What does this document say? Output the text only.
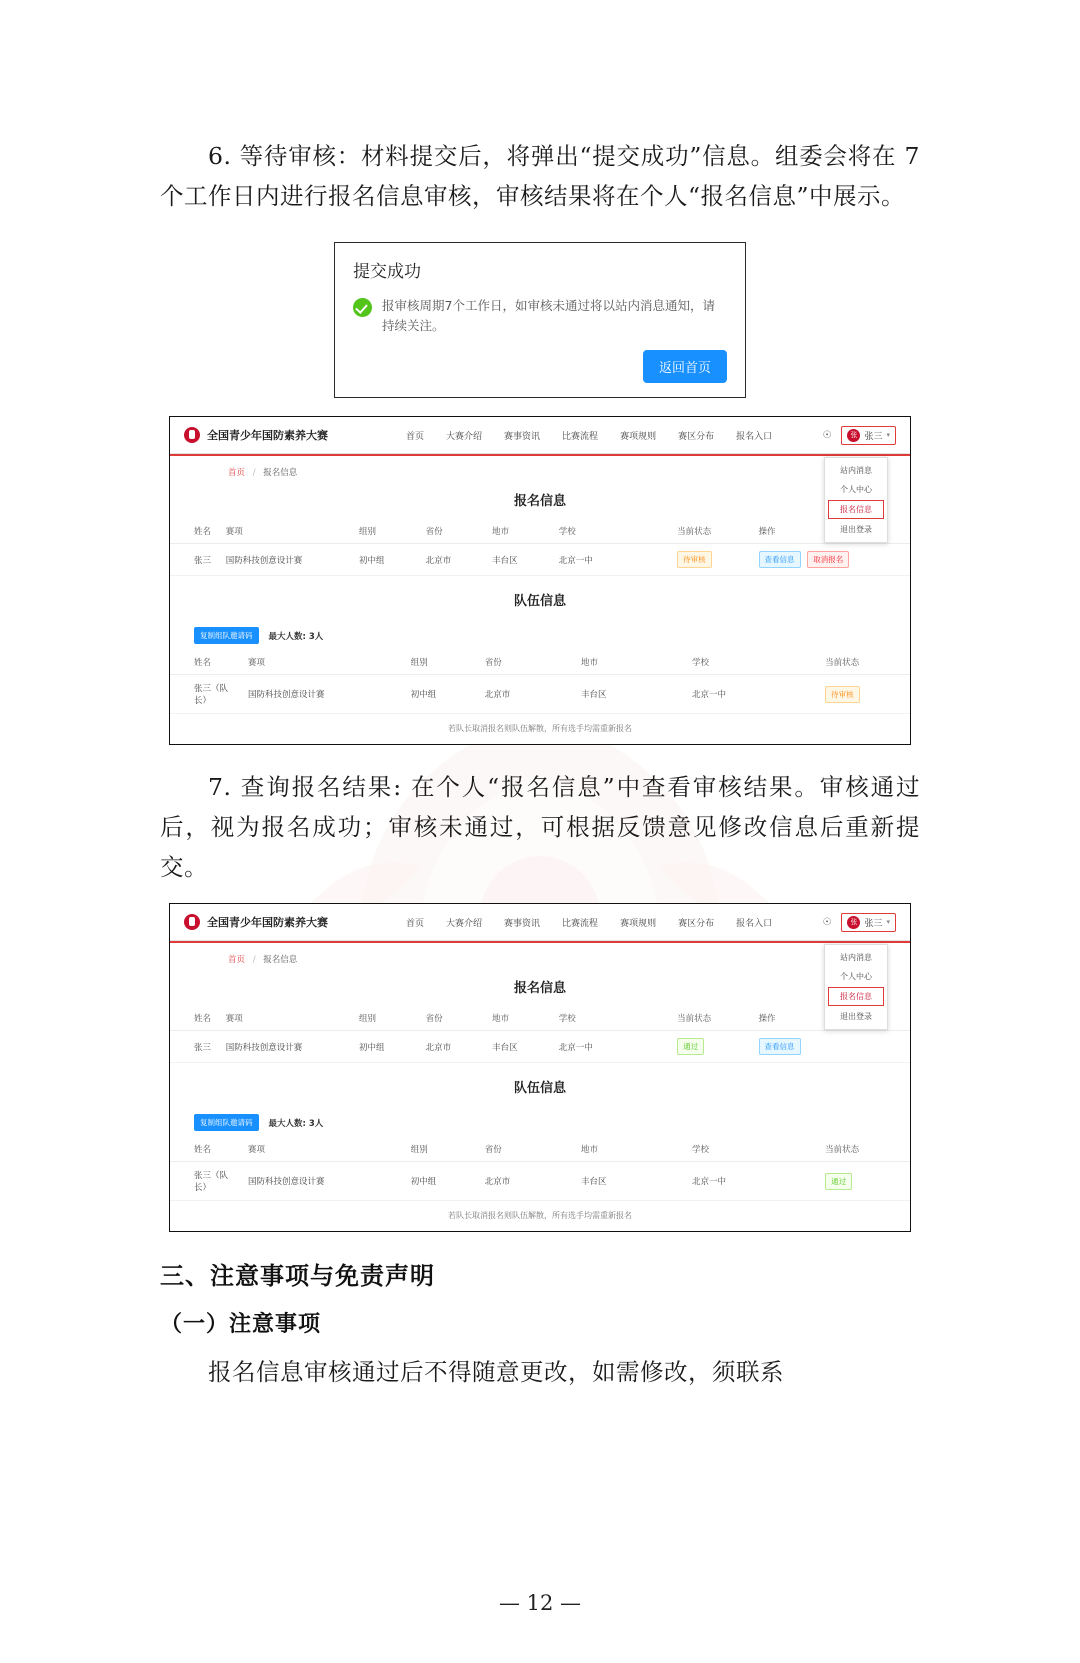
6. 等待审核：材料提交后，将弹出“提交成功”信息。组委会将在 7 个工作日内进行报名信息审核，审核结果将在个人“报名信息”中展示。

提交成功
报审核周期7个工作日，如审核未通过将以站内消息通知，请持续关注。
返回首页
全国青少年国防素养大赛	首页 大赛介绍 赛事资讯 比赛流程 赛项规则 赛区分布 报名入口	☉	张 张三 ▾
站内消息
个人中心
报名信息
退出登录
首页 / 报名信息
报名信息
姓名	赛项	组别	省份	地市	学校	当前状态	操作
张三	国防科技创意设计赛	初中组	北京市	丰台区	北京一中	待审核	查看信息 取消报名
队伍信息
复制组队邀请码	最大人数: 3人
姓名	赛项	组别	省份	地市	学校	当前状态
张三（队长）	国防科技创意设计赛	初中组	北京市	丰台区	北京一中	待审核
若队长取消报名则队伍解散，所有选手均需重新报名

7. 查询报名结果: 在个人“报名信息”中查看审核结果。审核通过后，视为报名成功；审核未通过，可根据反馈意见修改信息后重新提交。

全国青少年国防素养大赛	首页 大赛介绍 赛事资讯 比赛流程 赛项规则 赛区分布 报名入口	☉	张 张三 ▾
站内消息
个人中心
报名信息
退出登录
首页 / 报名信息
报名信息
姓名	赛项	组别	省份	地市	学校	当前状态	操作
张三	国防科技创意设计赛	初中组	北京市	丰台区	北京一中	通过	查看信息
队伍信息
复制组队邀请码	最大人数: 3人
姓名	赛项	组别	省份	地市	学校	当前状态
张三（队长）	国防科技创意设计赛	初中组	北京市	丰台区	北京一中	通过
若队长取消报名则队伍解散，所有选手均需重新报名
三、注意事项与免责声明
（一）注意事项

报名信息审核通过后不得随意更改，如需修改，须联系

— 12 —
